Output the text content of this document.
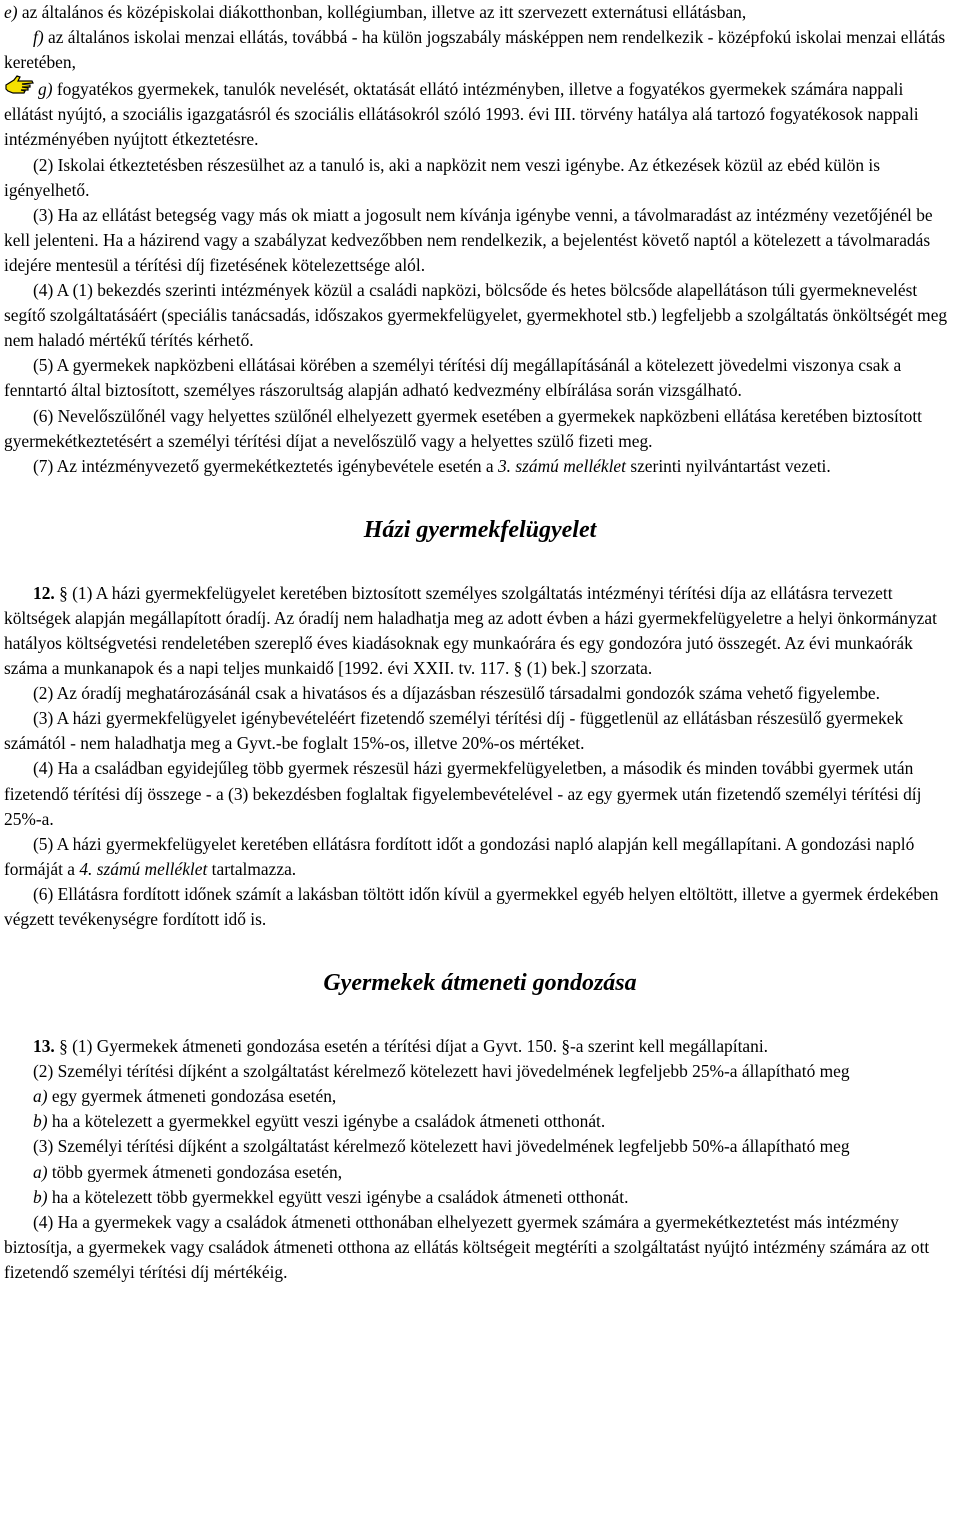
e) az általános és középiskolai diákotthonban, kollégiumban, illetve az itt szervezett externátusi ellátásban,

f) az általános iskolai menzai ellátás, továbbá - ha külön jogszabály másképpen nem rendelkezik - középfokú iskolai menzai ellátás keretében,

g) fogyatékos gyermekek, tanulók nevelését, oktatását ellátó intézményben, illetve a fogyatékos gyermekek számára nappali ellátást nyújtó, a szociális igazgatásról és szociális ellátásokról szóló 1993. évi III. törvény hatálya alá tartozó fogyatékosok nappali intézményében nyújtott étkeztetésre.

(2) Iskolai étkeztetésben részesülhet az a tanuló is, aki a napközit nem veszi igénybe. Az étkezések közül az ebéd külön is igényelhető.

(3) Ha az ellátást betegség vagy más ok miatt a jogosult nem kívánja igénybe venni, a távolmaradást az intézmény vezetőjénél be kell jelenteni. Ha a házirend vagy a szabályzat kedvezőbben nem rendelkezik, a bejelentést követő naptól a kötelezett a távolmaradás idejére mentesül a térítési díj fizetésének kötelezettsége alól.

(4) A (1) bekezdés szerinti intézmények közül a családi napközi, bölcsőde és hetes bölcsőde alapellátáson túli gyermeknevelést segítő szolgáltatásáért (speciális tanácsadás, időszakos gyermekfelügyelet, gyermekhotel stb.) legfeljebb a szolgáltatás önköltségét meg nem haladó mértékű térítés kérhető.

(5) A gyermekek napközbeni ellátásai körében a személyi térítési díj megállapításánál a kötelezett jövedelmi viszonya csak a fenntartó által biztosított, személyes rászorultság alapján adható kedvezmény elbírálása során vizsgálható.

(6) Nevelőszülőnél vagy helyettes szülőnél elhelyezett gyermek esetében a gyermekek napközbeni ellátása keretében biztosított gyermekétkeztetésért a személyi térítési díjat a nevelőszülő vagy a helyettes szülő fizeti meg.

(7) Az intézményvezető gyermekétkeztetés igénybevétele esetén a 3. számú melléklet szerinti nyilvántartást vezeti.

Házi gyermekfelügyelet

12. § (1) A házi gyermekfelügyelet keretében biztosított személyes szolgáltatás intézményi térítési díja az ellátásra tervezett költségek alapján megállapított óradíj. Az óradíj nem haladhatja meg az adott évben a házi gyermekfelügyeletre a helyi önkormányzat hatályos költségvetési rendeletében szereplő éves kiadásoknak egy munkaórára és egy gondozóra jutó összegét. Az évi munkaórák száma a munkanapok és a napi teljes munkaidő [1992. évi XXII. tv. 117. § (1) bek.] szorzata.

(2) Az óradíj meghatározásánál csak a hivatásos és a díjazásban részesülő társadalmi gondozók száma vehető figyelembe.

(3) A házi gyermekfelügyelet igénybevételéért fizetendő személyi térítési díj - függetlenül az ellátásban részesülő gyermekek számától - nem haladhatja meg a Gyvt.-be foglalt 15%-os, illetve 20%-os mértéket.

(4) Ha a családban egyidejűleg több gyermek részesül házi gyermekfelügyeletben, a második és minden további gyermek után fizetendő térítési díj összege - a (3) bekezdésben foglaltak figyelembevételével - az egy gyermek után fizetendő személyi térítési díj 25%-a.

(5) A házi gyermekfelügyelet keretében ellátásra fordított időt a gondozási napló alapján kell megállapítani. A gondozási napló formáját a 4. számú melléklet tartalmazza.

(6) Ellátásra fordított időnek számít a lakásban töltött időn kívül a gyermekkel egyéb helyen eltöltött, illetve a gyermek érdekében végzett tevékenységre fordított idő is.

Gyermekek átmeneti gondozása

13. § (1) Gyermekek átmeneti gondozása esetén a térítési díjat a Gyvt. 150. §-a szerint kell megállapítani.

(2) Személyi térítési díjként a szolgáltatást kérelmező kötelezett havi jövedelmének legfeljebb 25%-a állapítható meg

a) egy gyermek átmeneti gondozása esetén,

b) ha a kötelezett a gyermekkel együtt veszi igénybe a családok átmeneti otthonát.

(3) Személyi térítési díjként a szolgáltatást kérelmező kötelezett havi jövedelmének legfeljebb 50%-a állapítható meg

a) több gyermek átmeneti gondozása esetén,

b) ha a kötelezett több gyermekkel együtt veszi igénybe a családok átmeneti otthonát.

(4) Ha a gyermekek vagy a családok átmeneti otthonában elhelyezett gyermek számára a gyermekétkeztetést más intézmény biztosítja, a gyermekek vagy családok átmeneti otthona az ellátás költségeit megtéríti a szolgáltatást nyújtó intézmény számára az ott fizetendő személyi térítési díj mértékéig.
